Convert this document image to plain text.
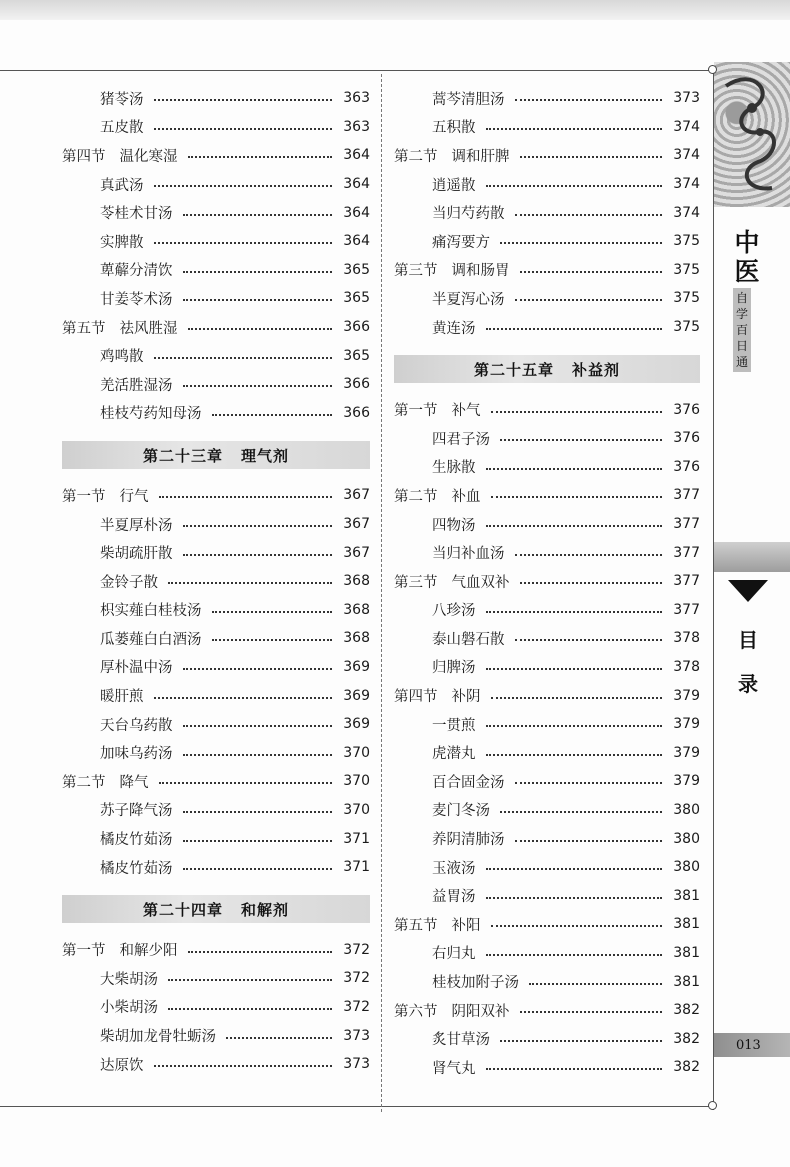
猪苓汤	363
五皮散	363
第四节 温化寒湿	364
真武汤	364
苓桂术甘汤	364
实脾散	364
萆薢分清饮	365
甘姜苓术汤	365
第五节 祛风胜湿	366
鸡鸣散	365
羌活胜湿汤	366
桂枝芍药知母汤	366
第二十三章 理气剂
第一节 行气	367
半夏厚朴汤	367
柴胡疏肝散	367
金铃子散	368
枳实薤白桂枝汤	368
瓜蒌薤白白酒汤	368
厚朴温中汤	369
暖肝煎	369
天台乌药散	369
加味乌药汤	370
第二节 降气	370
苏子降气汤	370
橘皮竹茹汤	371
橘皮竹茹汤	371
第二十四章 和解剂
第一节 和解少阳	372
大柴胡汤	372
小柴胡汤	372
柴胡加龙骨牡蛎汤	373
达原饮	373
蒿芩清胆汤	373
五积散	374
第二节 调和肝脾	374
逍遥散	374
当归芍药散	374
痛泻要方	375
第三节 调和肠胃	375
半夏泻心汤	375
黄连汤	375
第二十五章 补益剂
第一节 补气	376
四君子汤	376
生脉散	376
第二节 补血	377
四物汤	377
当归补血汤	377
第三节 气血双补	377
八珍汤	377
泰山磐石散	378
归脾汤	378
第四节 补阴	379
一贯煎	379
虎潜丸	379
百合固金汤	379
麦门冬汤	380
养阴清肺汤	380
玉液汤	380
益胃汤	381
第五节 补阳	381
右归丸	381
桂枝加附子汤	381
第六节 阴阳双补	382
炙甘草汤	382
肾气丸	382
中
医
自
学
百
日
通
目
录
013
